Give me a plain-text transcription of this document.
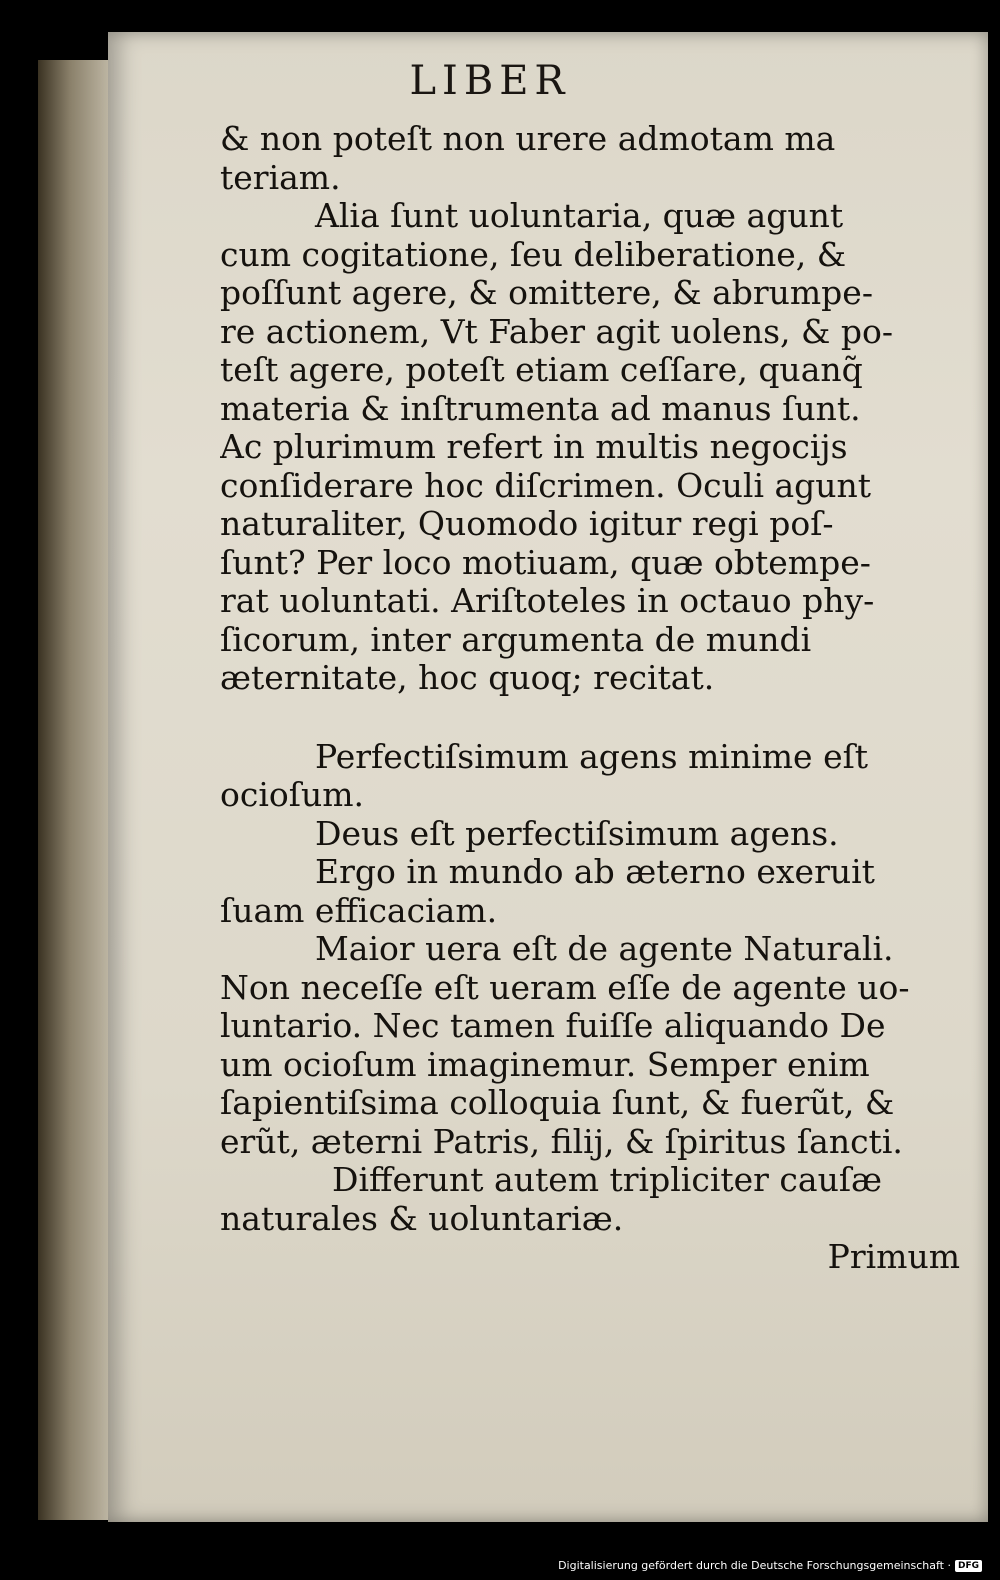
LIBER
& non poteſt non urere admotam ma
teriam.
Alia ſunt uoluntaria, quæ agunt
cum cogitatione, ſeu deliberatione, &
poſſunt agere, & omittere, & abrumpe-
re actionem, Vt Faber agit uolens, & po-
teſt agere, poteſt etiam ceſſare, quanq̃
materia & inſtrumenta ad manus ſunt.
Ac plurimum refert in multis negocijs
conſiderare hoc diſcrimen. Oculi agunt
naturaliter, Quomodo igitur regi poſ-
ſunt? Per loco motiuam, quæ obtempe-
rat uoluntati. Ariſtoteles in octauo phy-
ſicorum, inter argumenta de mundi
æternitate, hoc quoq; recitat.
Perfectiſsimum agens minime eſt
ocioſum.
Deus eſt perfectiſsimum agens.
Ergo in mundo ab æterno exeruit
ſuam efficaciam.
Maior uera eſt de agente Naturali.
Non neceſſe eſt ueram eſſe de agente uo-
luntario. Nec tamen fuiſſe aliquando De
um ocioſum imaginemur. Semper enim
ſapientiſsima colloquia ſunt, & fuerũt, &
erũt, æterni Patris, filij, & ſpiritus ſancti.
Differunt autem tripliciter cauſæ
naturales & uoluntariæ.
Primum
Digitalisierung gefördert durch die Deutsche Forschungsgemeinschaft · DFG
